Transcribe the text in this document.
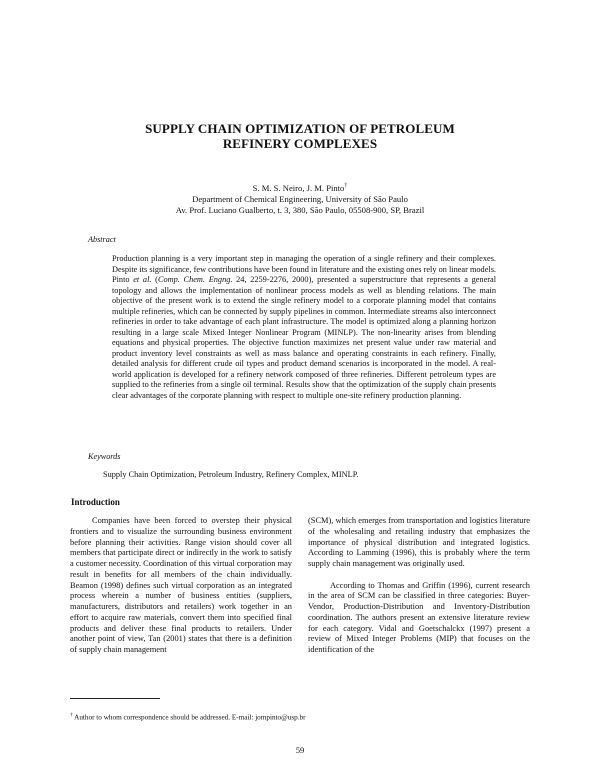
SUPPLY CHAIN OPTIMIZATION OF PETROLEUM
REFINERY COMPLEXES
S. M. S. Neiro, J. M. Pinto†
Department of Chemical Engineering, University of São Paulo
Av. Prof. Luciano Gualberto, t. 3, 380, São Paulo, 05508-900, SP, Brazil
Abstract
Production planning is a very important step in managing the operation of a single refinery and their complexes. Despite its significance, few contributions have been found in literature and the existing ones rely on linear models. Pinto et al. (Comp. Chem. Engng. 24, 2259-2276, 2000), presented a superstructure that represents a general topology and allows the implementation of nonlinear process models as well as blending relations. The main objective of the present work is to extend the single refinery model to a corporate planning model that contains multiple refineries, which can be connected by supply pipelines in common. Intermediate streams also interconnect refineries in order to take advantage of each plant infrastructure. The model is optimized along a planning horizon resulting in a large scale Mixed Integer Nonlinear Program (MINLP). The non-linearity arises from blending equations and physical properties. The objective function maximizes net present value under raw material and product inventory level constraints as well as mass balance and operating constraints in each refinery. Finally, detailed analysis for different crude oil types and product demand scenarios is incorporated in the model. A real-world application is developed for a refinery network composed of three refineries. Different petroleum types are supplied to the refineries from a single oil terminal. Results show that the optimization of the supply chain presents clear advantages of the corporate planning with respect to multiple one-site refinery production planning.
Keywords
Supply Chain Optimization, Petroleum Industry, Refinery Complex, MINLP.
Introduction

Companies have been forced to overstep their physical frontiers and to visualize the surrounding business environment before planning their activities. Range vision should cover all members that participate direct or indirectly in the work to satisfy a customer necessity. Coordination of this virtual corporation may result in benefits for all members of the chain individually. Beamon (1998) defines such virtual corporation as an integrated process wherein a number of business entities (suppliers, manufacturers, distributors and retailers) work together in an effort to acquire raw materials, convert them into specified final products and deliver these final products to retailers. Under another point of view, Tan (2001) states that there is a definition of supply chain management

(SCM), which emerges from transportation and logistics literature of the wholesaling and retailing industry that emphasizes the importance of physical distribution and integrated logistics. According to Lamming (1996), this is probably where the term supply chain management was originally used.

According to Thomas and Griffin (1996), current research in the area of SCM can be classified in three categories: Buyer-Vendor, Production-Distribution and Inventory-Distribution coordination. The authors present an extensive literature review for each category. Vidal and Goetschalckx (1997) present a review of Mixed Integer Problems (MIP) that focuses on the identification of the

† Author to whom correspondence should be addressed. E-mail: jompinto@usp.br
59
